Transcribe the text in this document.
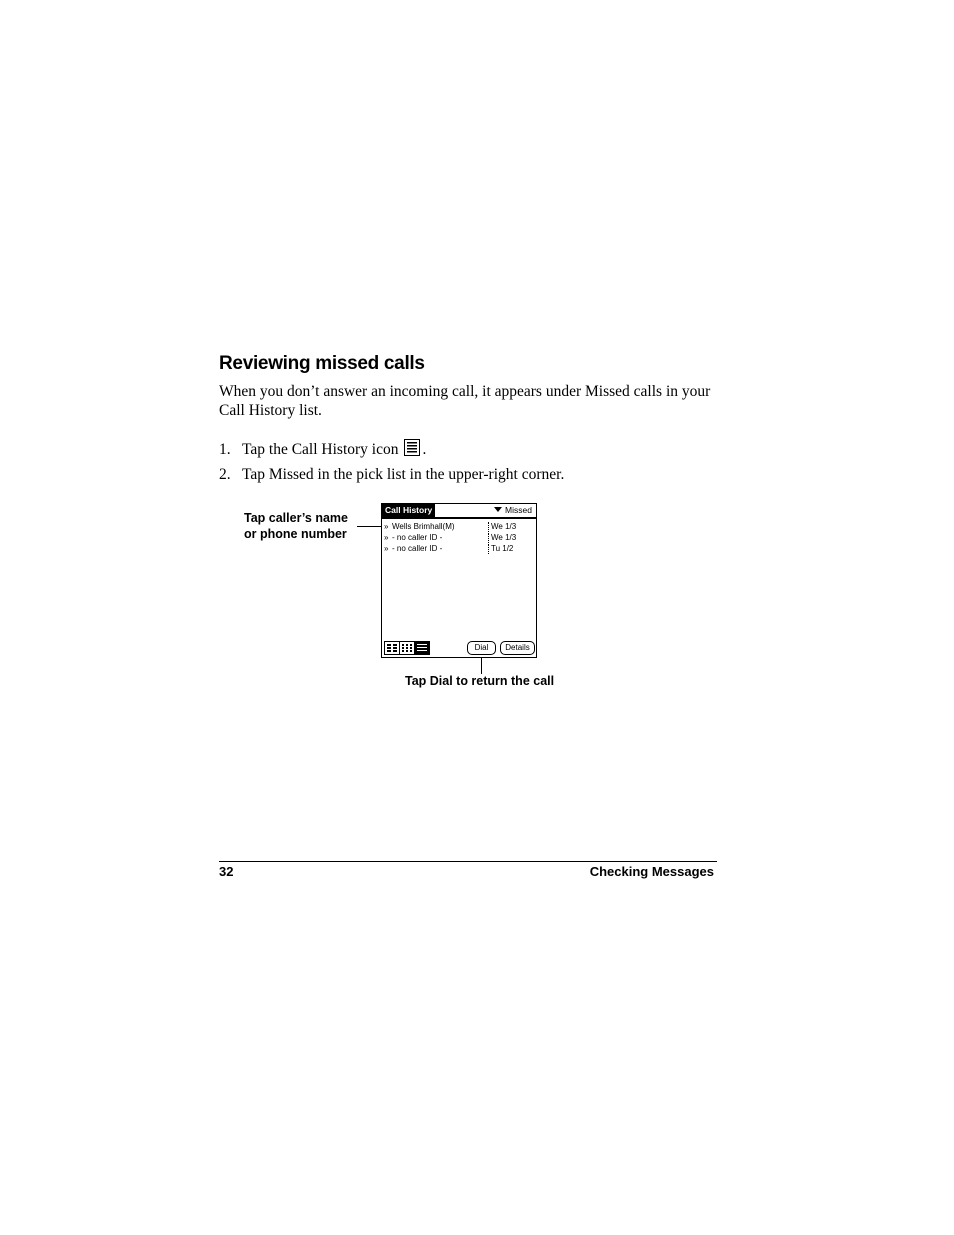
Reviewing missed calls
When you don’t answer an incoming call, it appears under Missed calls in your Call History list.
1. Tap the Call History icon .
2. Tap Missed in the pick list in the upper-right corner.
Tap caller’s name
or phone number
Tap Dial to return the call
Call History	Missed
» Wells Brimhall(M)	We 1/3
» - no caller ID -	We 1/3
» - no caller ID -	Tu 1/2
Dial	Details
32	Checking Messages
